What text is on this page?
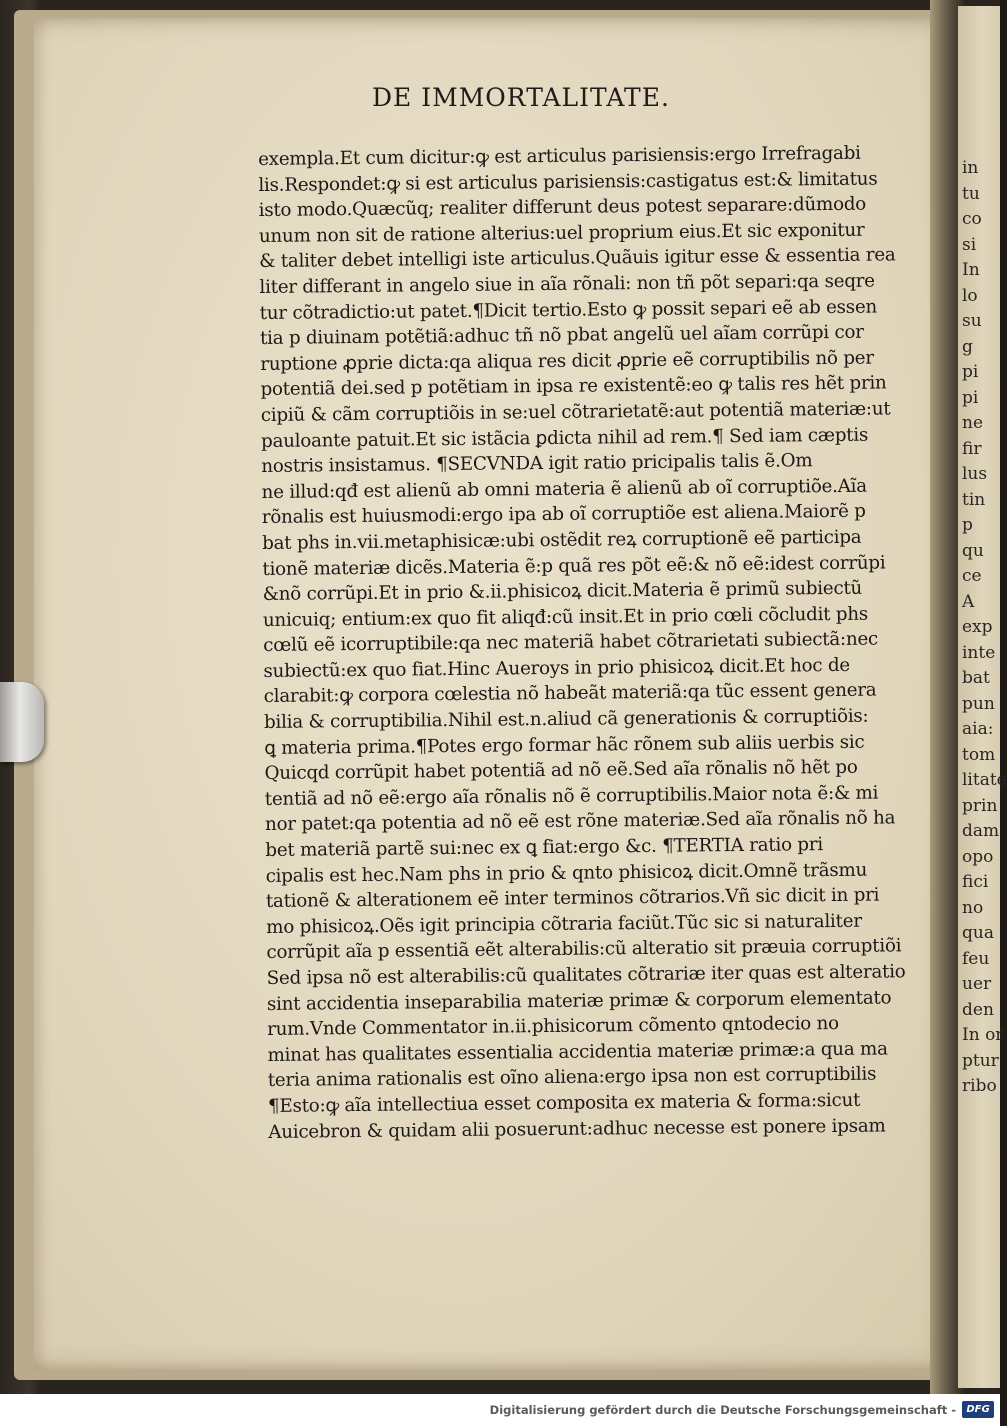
in
tu
co
si
In
lo
su
g
pi
pi
ne
fir
lus
tin
p
qu
ce
A
exp
inte
bat
pun
aia:
tom
litate
prin
dam
opo
fici
no
qua
feu
uer
den
In or
ptur
ribo
DE IMMORTALITATE.
exempla.Et cum dicitur:ꝙ est articulus parisiensis:ergo Irrefragabi
lis.Respondet:ꝙ si est articulus parisiensis:castigatus est:& limitatus
isto modo.Quæcũq; realiter differunt deus potest separare:dũmodo
unum non sit de ratione alterius:uel proprium eius.Et sic exponitur
& taliter debet intelligi iste articulus.Quãuis igitur esse & essentia rea
liter differant in angelo siue in aĩa rõnali: non tñ põt separi:qa seqre
tur cõtradictio:ut patet.¶Dicit tertio.Esto ꝙ possit separi eẽ ab essen
tia p diuinam potẽtiã:adhuc tñ nõ pbat angelũ uel aĩam corrũpi cor
ruptione ꝓprie dicta:qa aliqua res dicit ꝓprie eẽ corruptibilis nõ per
potentiã dei.sed p potẽtiam in ipsa re existentẽ:eo ꝙ talis res hẽt prin
cipiũ & cãm corruptiõis in se:uel cõtrarietatẽ:aut potentiã materiæ:ut
pauloante patuit.Et sic istãcia ꝑdicta nihil ad rem.¶ Sed iam cæptis
nostris insistamus. ¶SECVNDA igit ratio pricipalis talis ẽ.Om
ne illud:qđ est alienũ ab omni materia ẽ alienũ ab oĩ corruptiõe.Aĩa
rõnalis est huiusmodi:ergo ipa ab oĩ corruptiõe est aliena.Maiorẽ p
bat phs in.vii.metaphisicæ:ubi ostẽdit reꝝ corruptionẽ eẽ participa
tionẽ materiæ dicẽs.Materia ẽ:p quã res põt eẽ:& nõ eẽ:idest corrũpi
&nõ corrũpi.Et in prio &.ii.phisicoꝝ dicit.Materia ẽ primũ subiectũ
unicuiq; entium:ex quo fit aliqđ:cũ insit.Et in prio cœli cõcludit phs
cœlũ eẽ icorruptibile:qa nec materiã habet cõtrarietati subiectã:nec
subiectũ:ex quo fiat.Hinc Aueroys in prio phisicoꝝ dicit.Et hoc de
clarabit:ꝙ corpora cœlestia nõ habeãt materiã:qa tũc essent genera
bilia & corruptibilia.Nihil est.n.aliud cã generationis & corruptiõis:
ꝗ materia prima.¶Potes ergo formar hãc rõnem sub aliis uerbis sic
Quicqd corrũpit habet potentiã ad nõ eẽ.Sed aĩa rõnalis nõ hẽt po
tentiã ad nõ eẽ:ergo aĩa rõnalis nõ ẽ corruptibilis.Maior nota ẽ:& mi
nor patet:qa potentia ad nõ eẽ est rõne materiæ.Sed aĩa rõnalis nõ ha
bet materiã partẽ sui:nec ex ꝗ fiat:ergo &c. ¶TERTIA ratio pri
cipalis est hec.Nam phs in prio & qnto phisicoꝝ dicit.Omnẽ trãsmu
tationẽ & alterationem eẽ inter terminos cõtrarios.Vñ sic dicit in pri
mo phisicoꝝ.Oẽs igit principia cõtraria faciũt.Tũc sic si naturaliter
corrũpit aĩa p essentiã eẽt alterabilis:cũ alteratio sit præuia corruptiõi
Sed ipsa nõ est alterabilis:cũ qualitates cõtrariæ iter quas est alteratio
sint accidentia inseparabilia materiæ primæ & corporum elementato
rum.Vnde Commentator in.ii.phisicorum cõmento qntodecio no
minat has qualitates essentialia accidentia materiæ primæ:a qua ma
teria anima rationalis est oĩno aliena:ergo ipsa non est corruptibilis
¶Esto:ꝙ aĩa intellectiua esset composita ex materia & forma:sicut
Auicebron & quidam alii posuerunt:adhuc necesse est ponere ipsam
Digitalisierung gefördert durch die Deutsche Forschungsgemeinschaft -	DFG
